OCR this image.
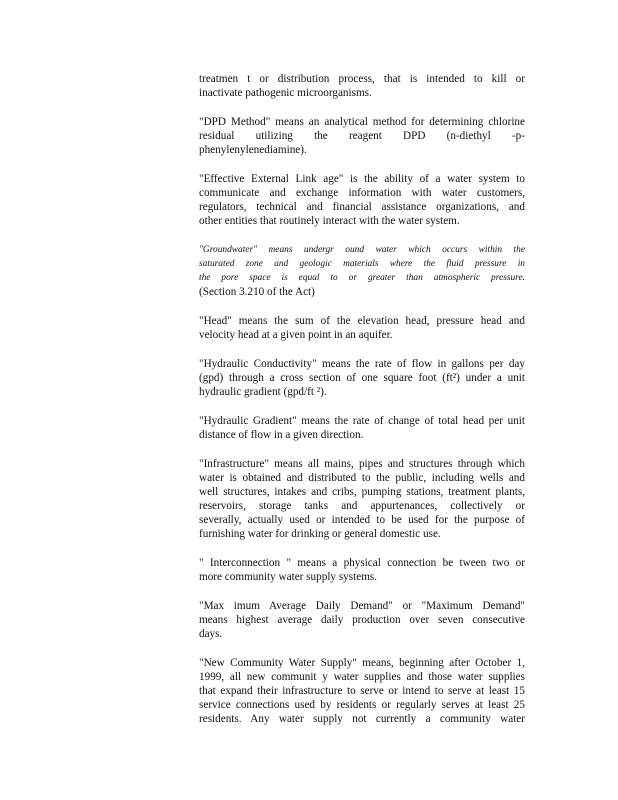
treatmen t or distribution process, that is intended to kill or
inactivate pathogenic microorganisms.
"DPD Method" means an analytical method for determining chlorine
residual utilizing the reagent DPD (n-diethyl -p-
phenylenylenediamine).
"Effective External Link age" is the ability of a water system to
communicate and exchange information with water customers,
regulators, technical and financial assistance organizations, and
other entities that routinely interact with the water system.
"Groundwater" means undergr ound water which occurs within the
saturated zone and geologic materials where the fluid pressure in
the pore space is equal to or greater than atmospheric pressure.
(Section 3.210 of the Act)
"Head" means the sum of the elevation head, pressure head and
velocity head at a given point in an aquifer.
"Hydraulic Conductivity" means the rate of flow in gallons per day
(gpd) through a cross section of one square foot (ft²) under a unit
hydraulic gradient (gpd/ft ²).
"Hydraulic Gradient" means the rate of change of total head per unit
distance of flow in a given direction.
"Infrastructure" means all mains, pipes and structures through which
water is obtained and distributed to the public, including wells and
well structures, intakes and cribs, pumping stations, treatment plants,
reservoirs, storage tanks and appurtenances, collectively or
severally, actually used or intended to be used for the purpose of
furnishing water for drinking or general domestic use.
" Interconnection " means a physical connection be tween two or
more community water supply systems.
"Max imum Average Daily Demand" or "Maximum Demand"
means highest average daily production over seven consecutive
days.
"New Community Water Supply" means, beginning after October 1,
1999, all new communit y water supplies and those water supplies
that expand their infrastructure to serve or intend to serve at least 15
service connections used by residents or regularly serves at least 25
residents. Any water supply not currently a community water
